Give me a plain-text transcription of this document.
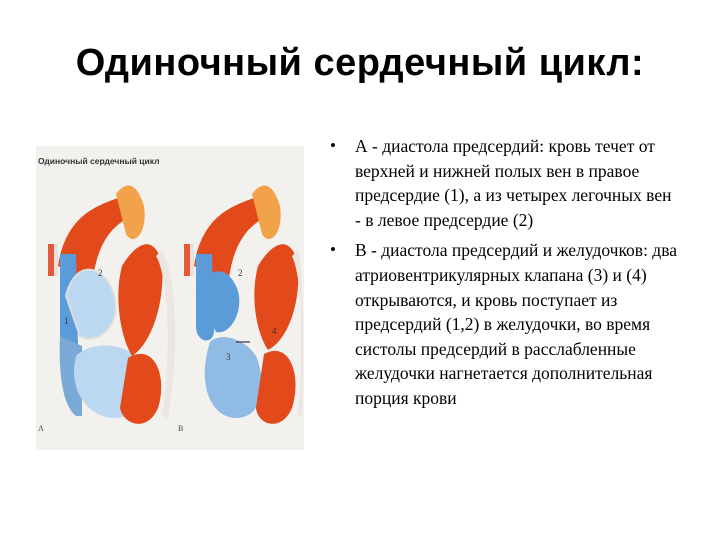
Одиночный сердечный цикл:
Одиночный сердечный цикл
2
1
A
2
4
3
B
• А - диастола предсердий: кровь течет от верхней и нижней полых вен в правое предсердие (1), а из четырех легочных вен - в левое предсердие (2)
• В - диастола предсердий и желудочков: два атриовентрикулярных клапана (3) и (4) открываются, и кровь поступает из предсердий (1,2) в желудочки, во время систолы предсердий в расслабленные желудочки нагнетается дополнительная порция крови
